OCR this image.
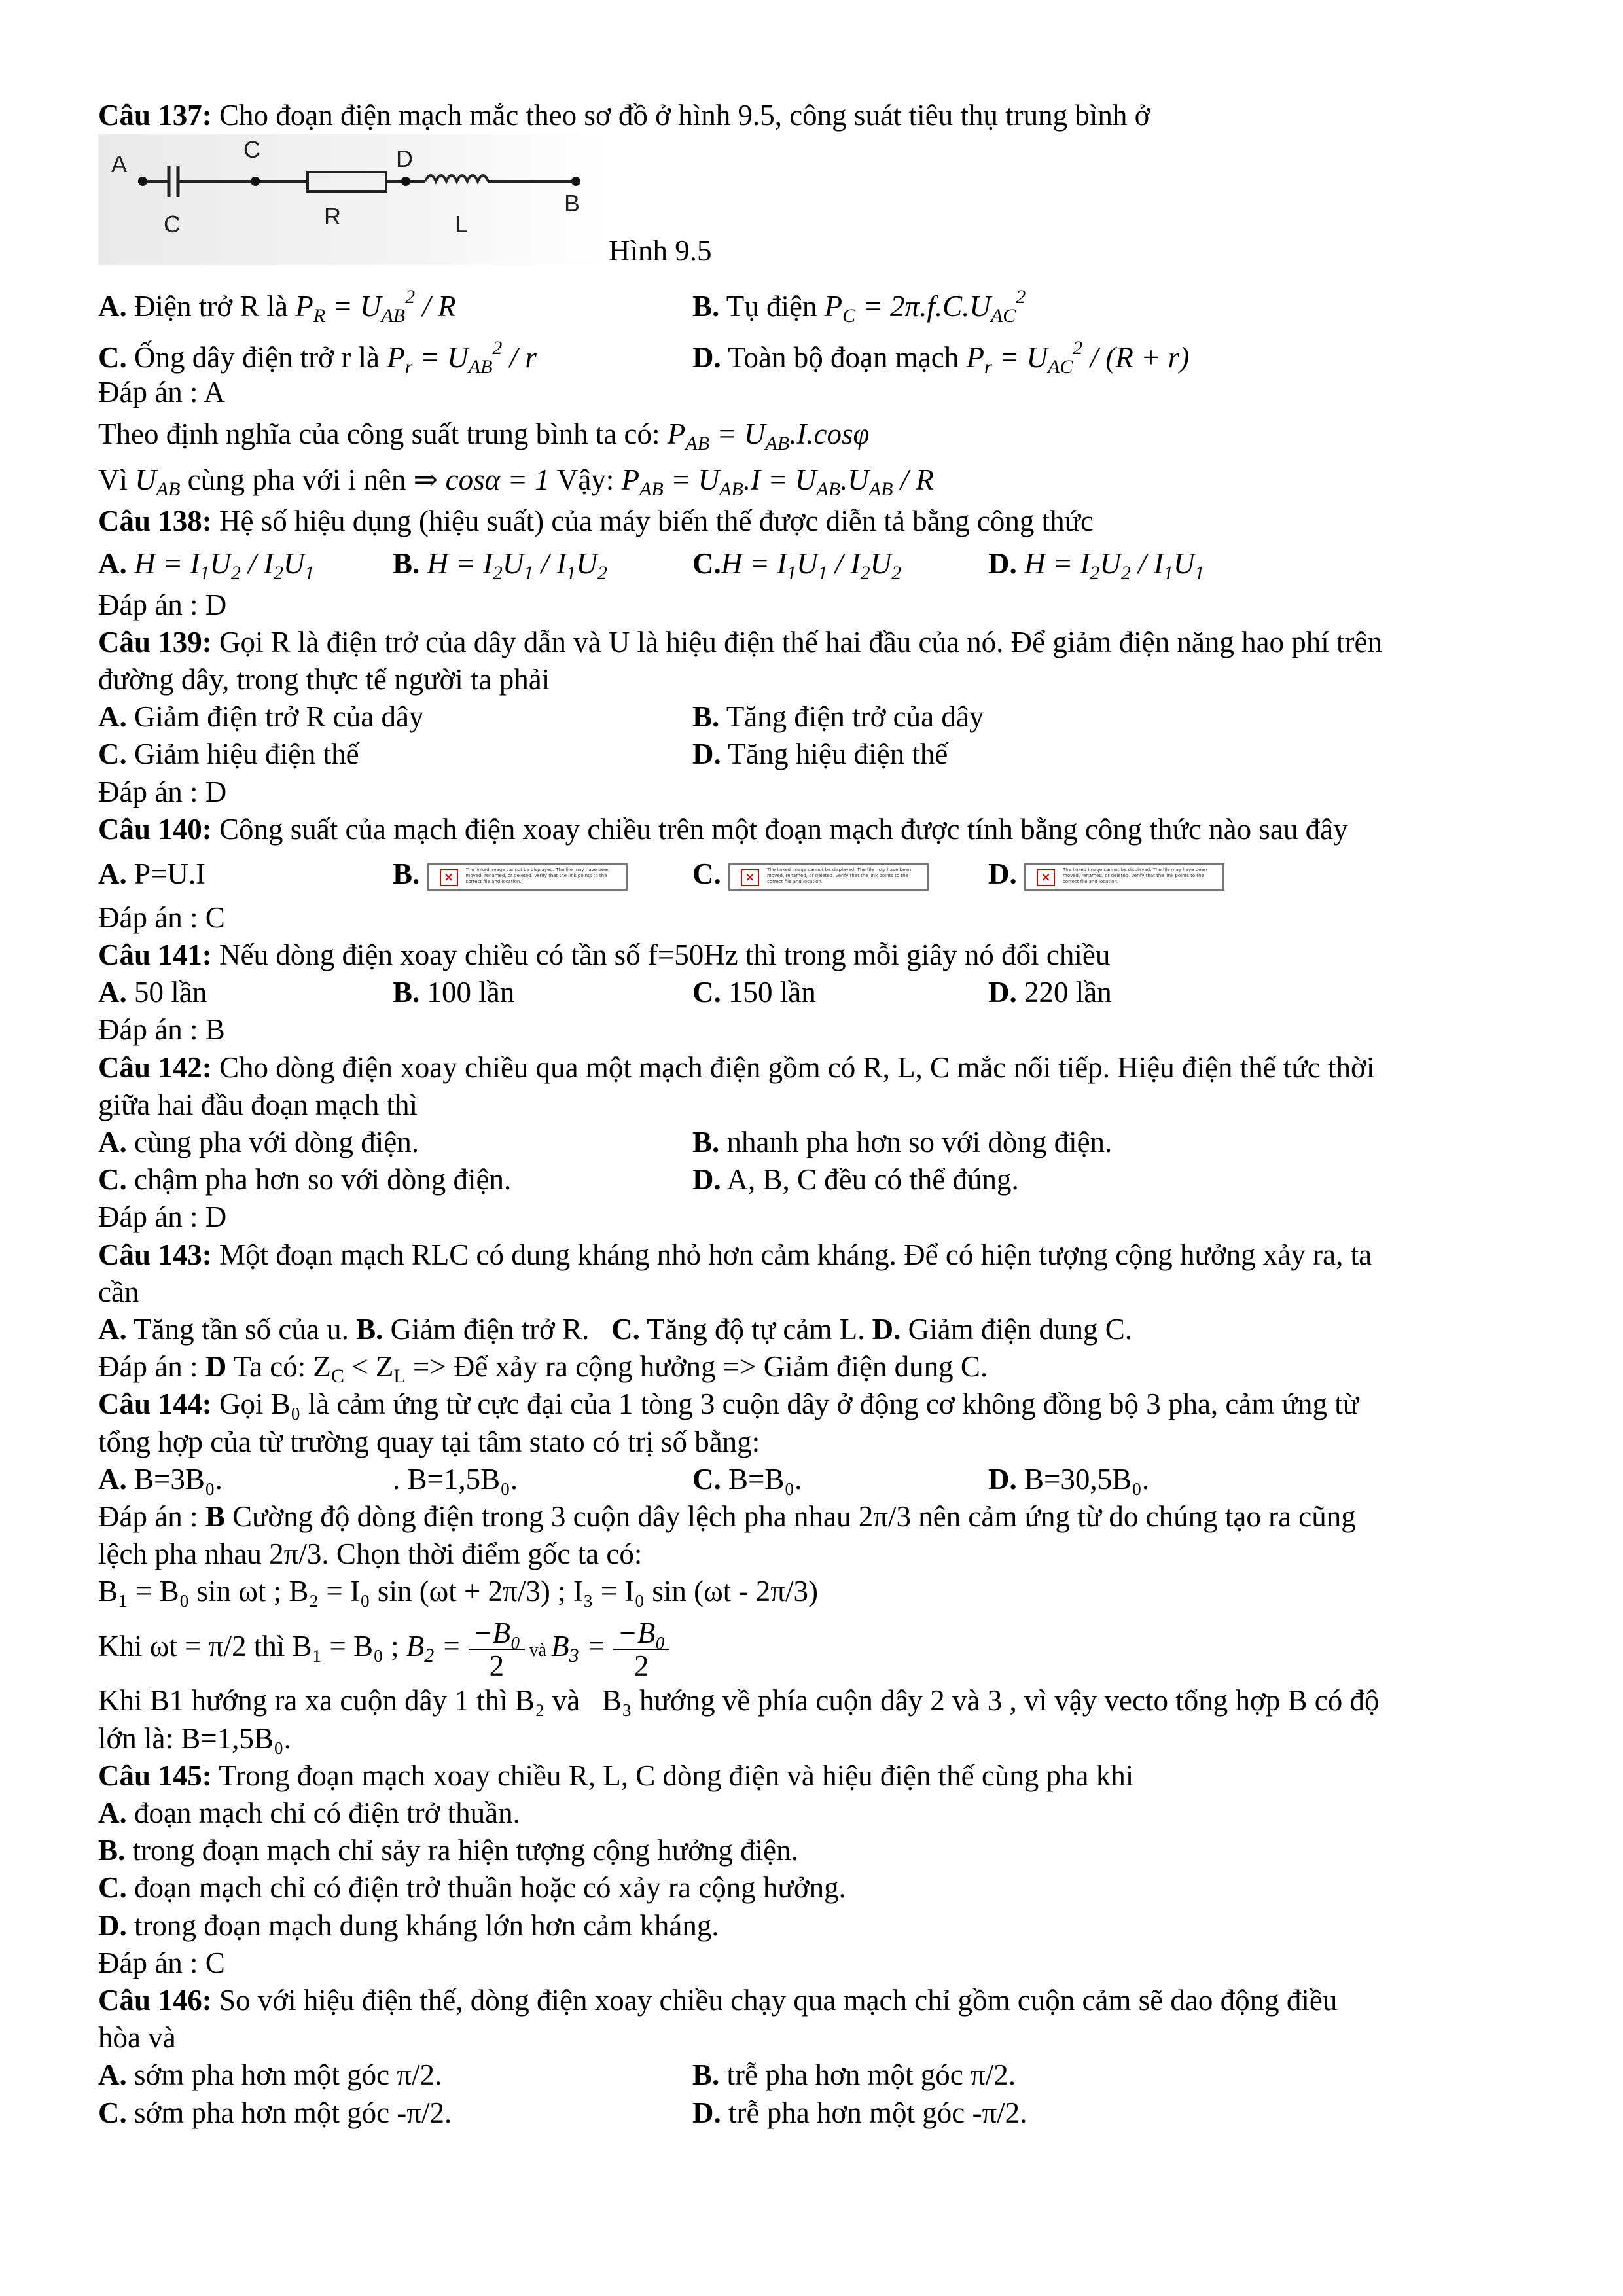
Câu 137: Cho đoạn điện mạch mắc theo sơ đồ ở hình 9.5, công suát tiêu thụ trung bình ở
A
C	D
B
C	R	L
Hình 9.5
A. Điện trở R là $P_R = U_{AB}^2 / R$	B. Tụ điện $P_C = 2\pi.f.C.U_{AC}^2$
C. Ống dây điện trở r là $P_r = U_{AB}^2 / r$	D. Toàn bộ đoạn mạch $P_r = U_{AC}^2 / (R + r)$
Đáp án : A
Theo định nghĩa của công suất trung bình ta có: $P_{AB} = U_{AB}.I.\cos\varphi$
Vì $U_{AB}$ cùng pha với i nên ⇒ cosα = 1 Vậy: $P_{AB} = U_{AB}.I = U_{AB}.U_{AB} / R$
Câu 138: Hệ số hiệu dụng (hiệu suất) của máy biến thế được diễn tả bằng công thức
A. $H = I_1U_2 / I_2U_1$	B. $H = I_2U_1 / I_1U_2$	$C.H = I_1U_1 / I_2U_2$	D. $H = I_2U_2 / I_1U_1$
Đáp án : D
Câu 139: Gọi R là điện trở của dây dẫn và U là hiệu điện thế hai đầu của nó. Để giảm điện năng hao phí trên
đường dây, trong thực tế người ta phải
A. Giảm điện trở R của dây	B. Tăng điện trở của dây
C. Giảm hiệu điện thế	D. Tăng hiệu điện thế
Đáp án : D
Câu 140: Công suất của mạch điện xoay chiều trên một đoạn mạch được tính bằng công thức nào sau đây
A. P=U.I	B.	×
The linked image cannot be displayed. The file may have been moved, renamed, or deleted. Verify that the link points to the correct file and location.	C.	×
The linked image cannot be displayed. The file may have been moved, renamed, or deleted. Verify that the link points to the correct file and location.	D.	×
The linked image cannot be displayed. The file may have been moved, renamed, or deleted. Verify that the link points to the correct file and location.
Đáp án : C
Câu 141: Nếu dòng điện xoay chiều có tần số f=50Hz thì trong mỗi giây nó đổi chiều
A. 50 lần	B. 100 lần	C. 150 lần	D. 220 lần
Đáp án : B
Câu 142: Cho dòng điện xoay chiều qua một mạch điện gồm có R, L, C mắc nối tiếp. Hiệu điện thế tức thời
giữa hai đầu đoạn mạch thì
A. cùng pha với dòng điện.	B. nhanh pha hơn so với dòng điện.
C. chậm pha hơn so với dòng điện.	D. A, B, C đều có thể đúng.
Đáp án : D
Câu 143: Một đoạn mạch RLC có dung kháng nhỏ hơn cảm kháng. Để có hiện tượng cộng hưởng xảy ra, ta
cần
A. Tăng tần số của u. B. Giảm điện trở R.   C. Tăng độ tự cảm L. D. Giảm điện dung C.
Đáp án : D Ta có: $Z_C < Z_L$ => Để xảy ra cộng hưởng => Giảm điện dung C.
Câu 144: Gọi B₀ là cảm ứng từ cực đại của 1 tòng 3 cuộn dây ở động cơ không đồng bộ 3 pha, cảm ứng từ
tổng hợp của từ trường quay tại tâm stato có trị số bằng:
A. B=3B₀.	. B=1,5B₀.	C. B=B₀.	D. B=30,5B₀.
Đáp án : B Cường độ dòng điện trong 3 cuộn dây lệch pha nhau 2π/3 nên cảm ứng từ do chúng tạo ra cũng
lệch pha nhau 2π/3. Chọn thời điểm gốc ta có:
B₁ = B₀ sin ωt ; B₂ = I₀ sin (ωt + 2π/3) ; I₃ = I₀ sin (ωt - 2π/3)
Khi ωt = π/2 thì B₁ = B₀ ; $B_2 = \frac{\text{−B₀}}{2}$ và $B_3 = \frac{\text{−B₀}}{2}$
Khi B1 hướng ra xa cuộn dây 1 thì B₂ và   B₃ hướng về phía cuộn dây 2 và 3 , vì vậy vecto tổng hợp B có độ
lớn là: B=1,5B₀.
Câu 145: Trong đoạn mạch xoay chiều R, L, C dòng điện và hiệu điện thế cùng pha khi
A. đoạn mạch chỉ có điện trở thuần.
B. trong đoạn mạch chỉ sảy ra hiện tượng cộng hưởng điện.
C. đoạn mạch chỉ có điện trở thuần hoặc có xảy ra cộng hưởng.
D. trong đoạn mạch dung kháng lớn hơn cảm kháng.
Đáp án : C
Câu 146: So với hiệu điện thế, dòng điện xoay chiều chạy qua mạch chỉ gồm cuộn cảm sẽ dao động điều
hòa và
A. sớm pha hơn một góc π/2.	B. trễ pha hơn một góc π/2.
C. sớm pha hơn một góc -π/2.	D. trễ pha hơn một góc -π/2.
